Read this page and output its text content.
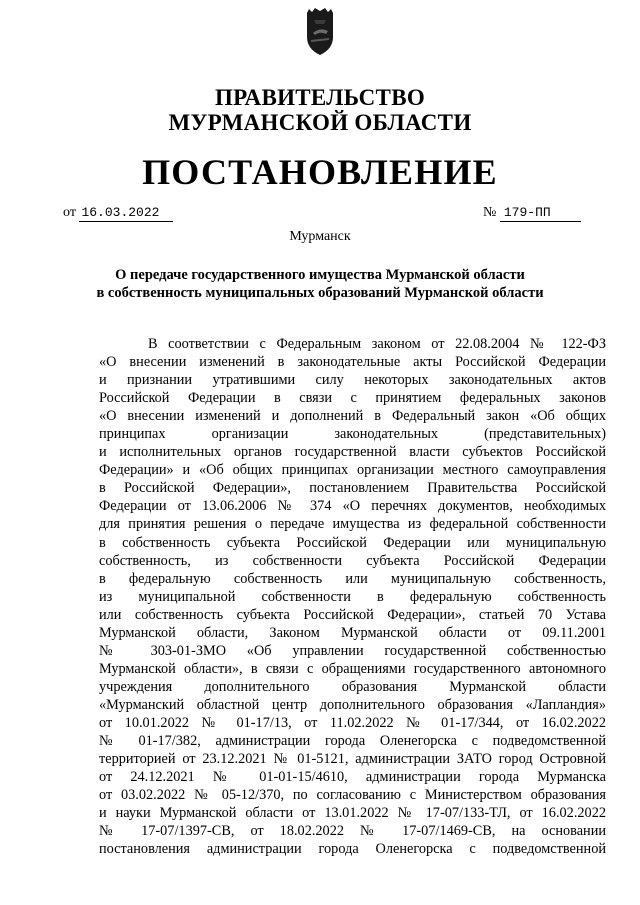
ПРАВИТЕЛЬСТВО
МУРМАНСКОЙ ОБЛАСТИ
ПОСТАНОВЛЕНИЕ
от 16.03.2022	№ 179-ПП
Мурманск
О передаче государственного имущества Мурманской области
в собственность муниципальных образований Мурманской области
В соответствии с Федеральным законом от 22.08.2004 № 122-ФЗ
«О внесении изменений в законодательные акты Российской Федерации
и признании утратившими силу некоторых законодательных актов
Российской Федерации в связи с принятием федеральных законов
«О внесении изменений и дополнений в Федеральный закон «Об общих
принципах организации законодательных (представительных)
и исполнительных органов государственной власти субъектов Российской
Федерации» и «Об общих принципах организации местного самоуправления
в Российской Федерации», постановлением Правительства Российской
Федерации от 13.06.2006 № 374 «О перечнях документов, необходимых
для принятия решения о передаче имущества из федеральной собственности
в собственность субъекта Российской Федерации или муниципальную
собственность, из собственности субъекта Российской Федерации
в федеральную собственность или муниципальную собственность,
из муниципальной собственности в федеральную собственность
или собственность субъекта Российской Федерации», статьей 70 Устава
Мурманской области, Законом Мурманской области от 09.11.2001
№ 303-01-ЗМО «Об управлении государственной собственностью
Мурманской области», в связи с обращениями государственного автономного
учреждения дополнительного образования Мурманской области
«Мурманский областной центр дополнительного образования «Лапландия»
от 10.01.2022 № 01-17/13, от 11.02.2022 № 01-17/344, от 16.02.2022
№ 01-17/382, администрации города Оленегорска с подведомственной
территорией от 23.12.2021 № 01-5121, администрации ЗАТО город Островной
от 24.12.2021 № 01-01-15/4610, администрации города Мурманска
от 03.02.2022 № 05-12/370, по согласованию с Министерством образования
и науки Мурманской области от 13.01.2022 № 17-07/133-ТЛ, от 16.02.2022
№ 17-07/1397-СВ, от 18.02.2022 № 17-07/1469-СВ, на основании
постановления администрации города Оленегорска с подведомственной
